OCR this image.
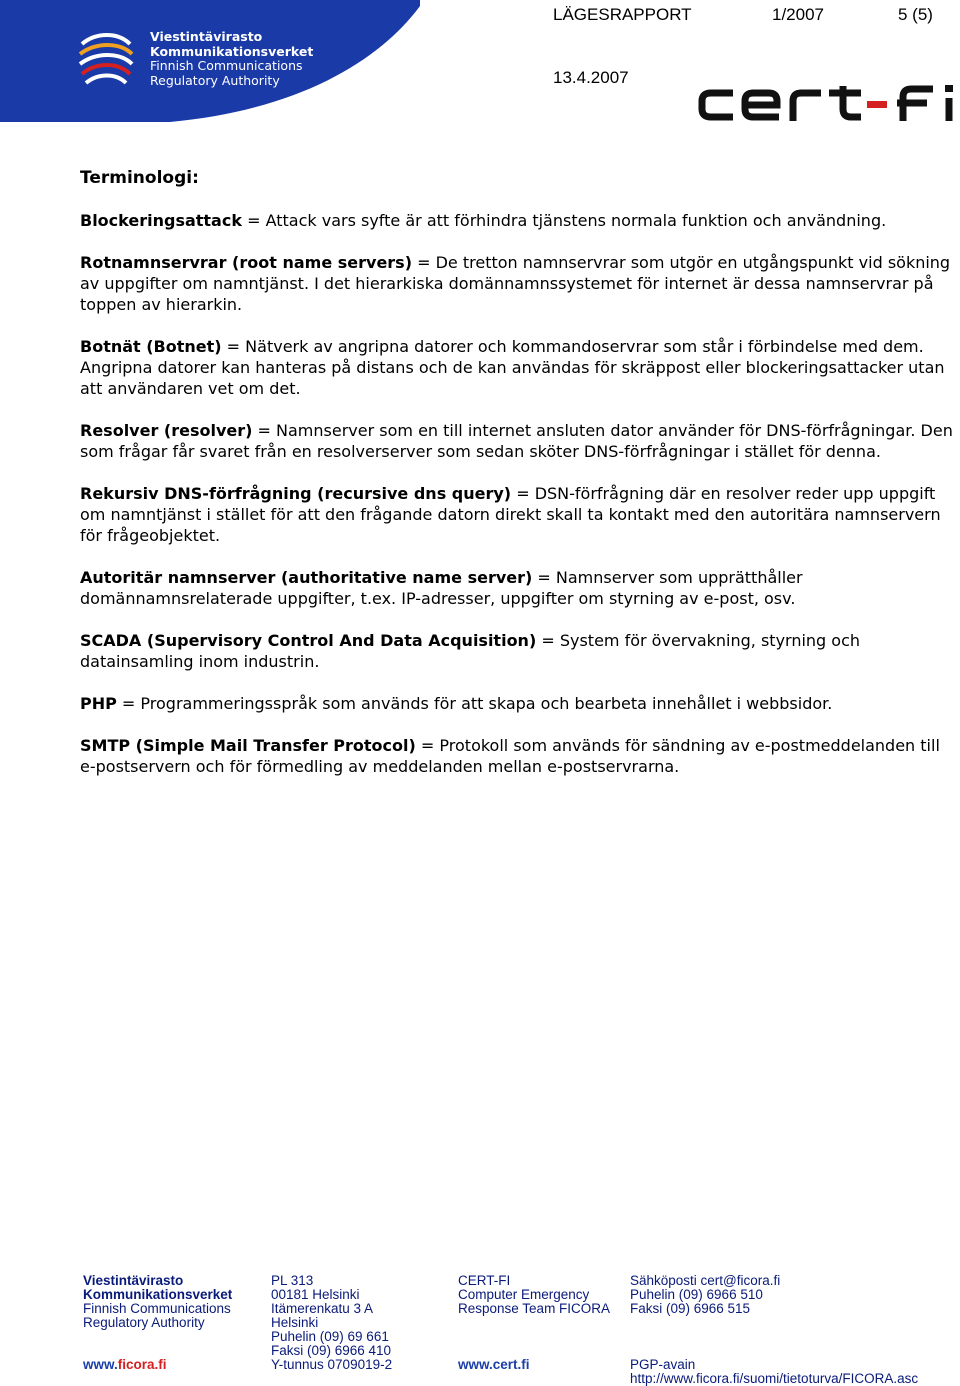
Viestintävirasto
Kommunikationsverket
Finnish Communications
Regulatory Authority
LÄGESRAPPORT	1/2007	5 (5)
13.4.2007
Terminologi:

Blockeringsattack = Attack vars syfte är att förhindra tjänstens normala funktion och användning.

Rotnamnservrar (root name servers) = De tretton namnservrar som utgör en utgångspunkt vid sökning av uppgifter om namntjänst. I det hierarkiska domännamnssystemet för internet är dessa namnservrar på toppen av hierarkin.

Botnät (Botnet) = Nätverk av angripna datorer och kommandoservrar som står i förbindelse med dem. Angripna datorer kan hanteras på distans och de kan användas för skräppost eller blockeringsattacker utan att användaren vet om det.

Resolver (resolver) = Namnserver som en till internet ansluten dator använder för DNS-förfrågningar. Den som frågar får svaret från en resolverserver som sedan sköter DNS-förfrågningar i stället för denna.

Rekursiv DNS-förfrågning (recursive dns query) = DSN-förfrågning där en resolver reder upp uppgift om namntjänst i stället för att den frågande datorn direkt skall ta kontakt med den autoritära namnservern för frågeobjektet.

Autoritär namnserver (authoritative name server) = Namnserver som upprätthåller domännamnsrelaterade uppgifter, t.ex. IP-adresser, uppgifter om styrning av e-post, osv.

SCADA (Supervisory Control And Data Acquisition) = System för övervakning, styrning och datainsamling inom industrin.

PHP = Programmeringsspråk som används för att skapa och bearbeta innehållet i webbsidor.

SMTP (Simple Mail Transfer Protocol) = Protokoll som används för sändning av e-postmeddelanden till e-postservern och för förmedling av meddelanden mellan e-postservrarna.

Viestintävirasto
Kommunikationsverket
Finnish Communications
Regulatory Authority
www.ficora.fi
PL 313
00181 Helsinki
Itämerenkatu 3 A
Helsinki
Puhelin (09) 69 661
Faksi (09) 6966 410
Y-tunnus 0709019-2
CERT-FI
Computer Emergency
Response Team FICORA
www.cert.fi
Sähköposti cert@ficora.fi
Puhelin (09) 6966 510
Faksi (09) 6966 515
PGP-avain
http://www.ficora.fi/suomi/tietoturva/FICORA.asc
